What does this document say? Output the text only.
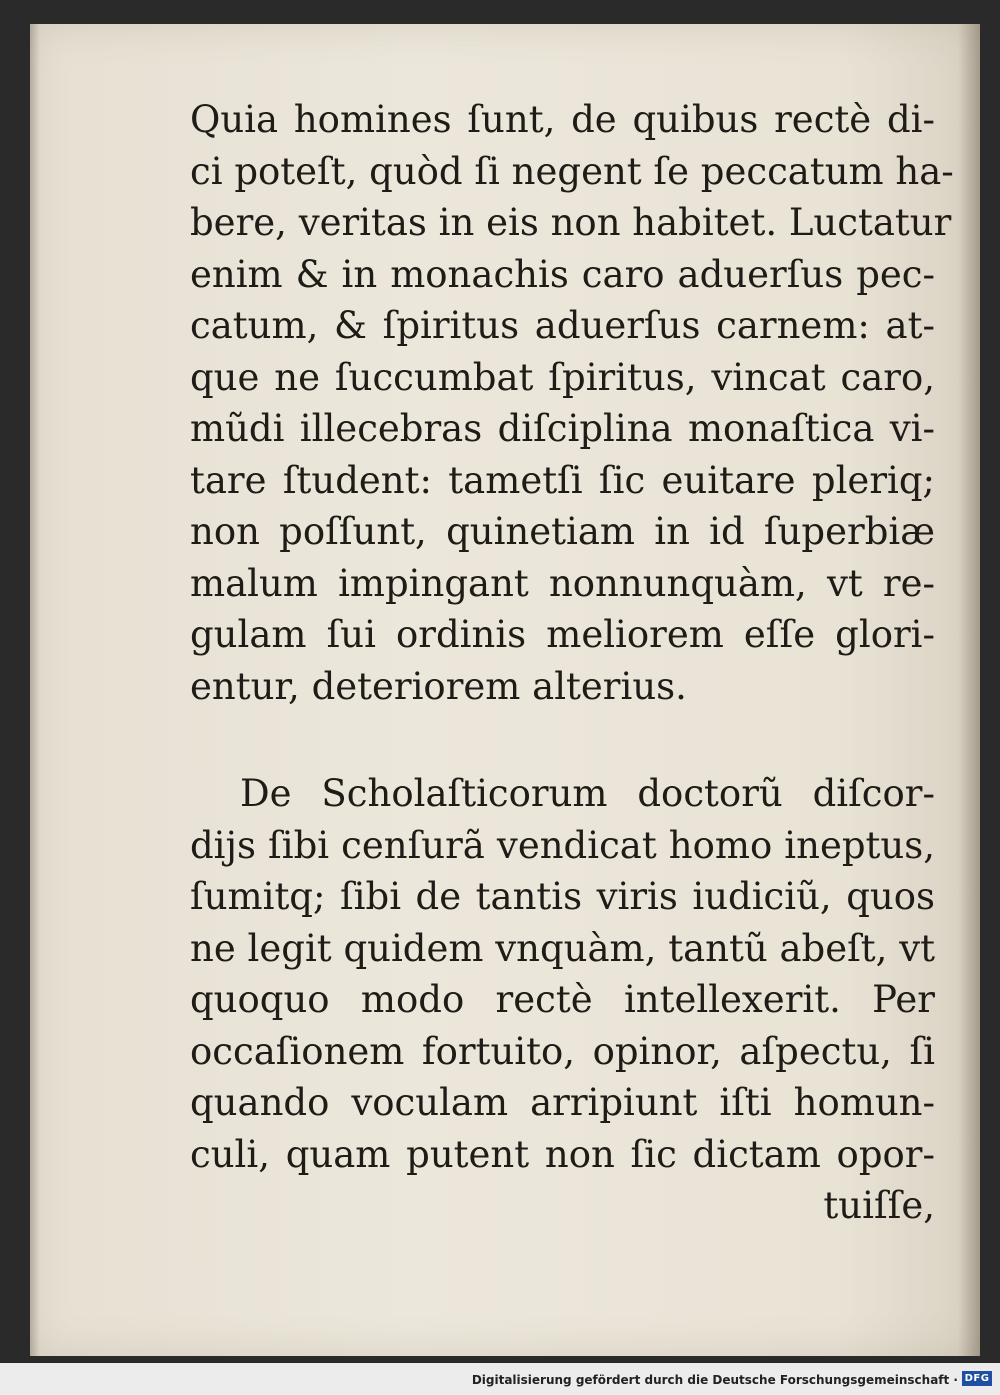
Quia homines ſunt, de quibus rectè di-
ci poteſt, quòd ſi negent ſe peccatum ha-
bere, veritas in eis non habitet. Luctatur
enim & in monachis caro aduerſus pec-
catum, & ſpiritus aduerſus carnem: at-
que ne ſuccumbat ſpiritus, vincat caro,
mũdi illecebras diſciplina monaſtica vi-
tare ſtudent: tametſi ſic euitare pleriq;
non poſſunt, quinetiam in id ſuperbiæ
malum impingant nonnunquàm, vt re-
gulam ſui ordinis meliorem eſſe glori-
entur, deteriorem alterius.
De Scholaſticorum doctorũ diſcor-
dijs ſibi cenſurã vendicat homo ineptus,
ſumitq; ſibi de tantis viris iudiciũ, quos
ne legit quidem vnquàm, tantũ abeſt, vt
quoquo modo rectè intellexerit. Per
occaſionem fortuito, opinor, aſpectu, ſi
quando voculam arripiunt iſti homun-
culi, quam putent non ſic dictam opor-
tuiſſe,
Digitalisierung gefördert durch die Deutsche Forschungsgemeinschaft · DFG
